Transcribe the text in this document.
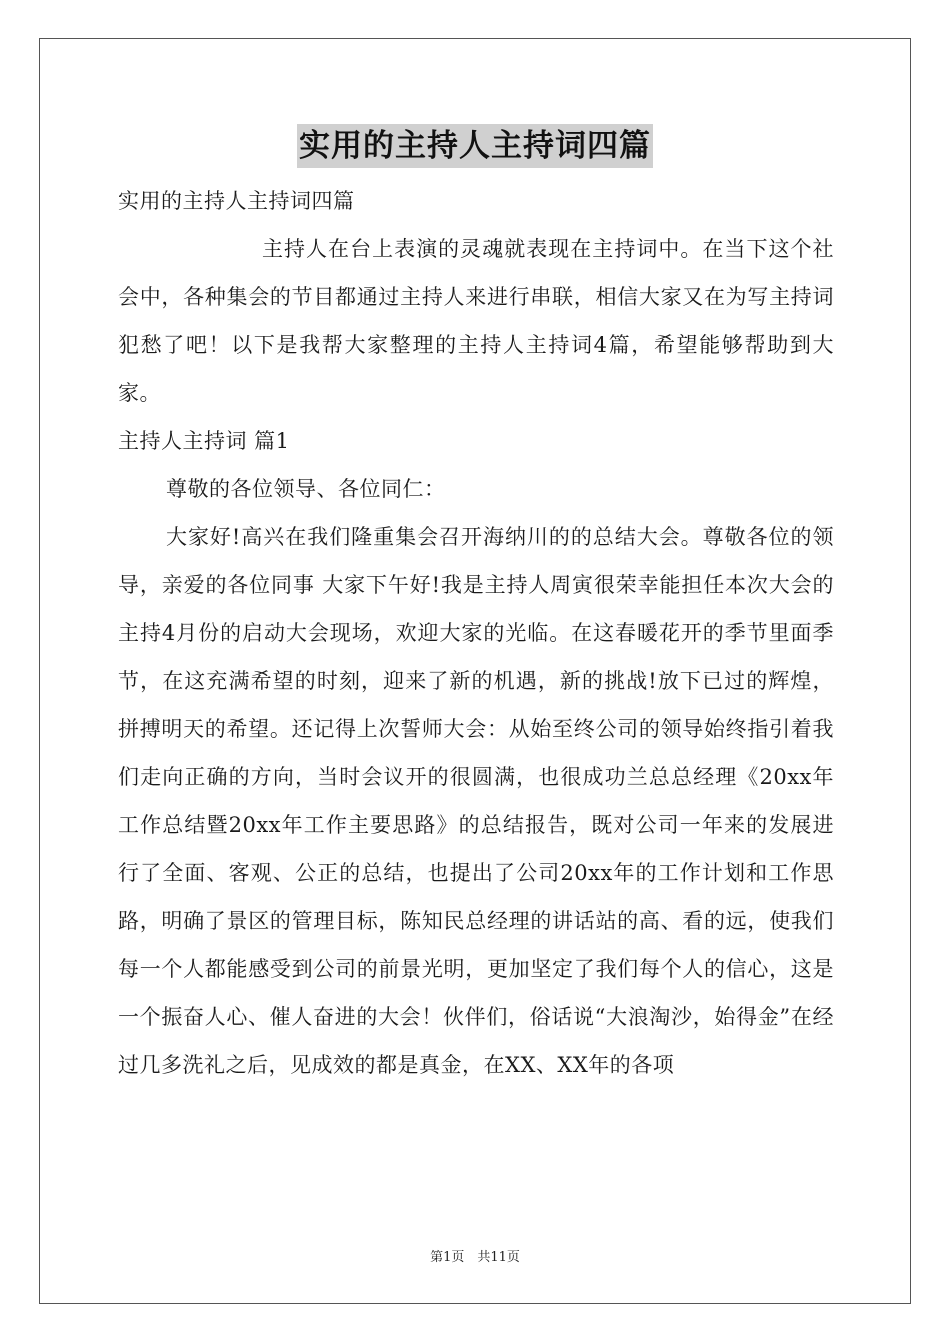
实用的主持人主持词四篇

实用的主持人主持词四篇

主持人在台上表演的灵魂就表现在主持词中。在当下这个社会中，各种集会的节目都通过主持人来进行串联，相信大家又在为写主持词犯愁了吧！以下是我帮大家整理的主持人主持词4篇，希望能够帮助到大家。

主持人主持词 篇1

尊敬的各位领导、各位同仁：

大家好!高兴在我们隆重集会召开海纳川的的总结大会。尊敬各位的领导，亲爱的各位同事 大家下午好!我是主持人周寅很荣幸能担任本次大会的主持4月份的启动大会现场，欢迎大家的光临。在这春暖花开的季节里面季节，在这充满希望的时刻，迎来了新的机遇，新的挑战!放下已过的辉煌，拼搏明天的希望。还记得上次誓师大会：从始至终公司的领导始终指引着我们走向正确的方向，当时会议开的很圆满，也很成功兰总总经理《20xx年工作总结暨20xx年工作主要思路》的总结报告，既对公司一年来的发展进行了全面、客观、公正的总结，也提出了公司20xx年的工作计划和工作思路，明确了景区的管理目标，陈知民总经理的讲话站的高、看的远，使我们每一个人都能感受到公司的前景光明，更加坚定了我们每个人的信心，这是一个振奋人心、催人奋进的大会！伙伴们，俗话说“大浪淘沙，始得金”在经过几多洗礼之后，见成效的都是真金，在XX、XX年的各项

第1页　共11页
